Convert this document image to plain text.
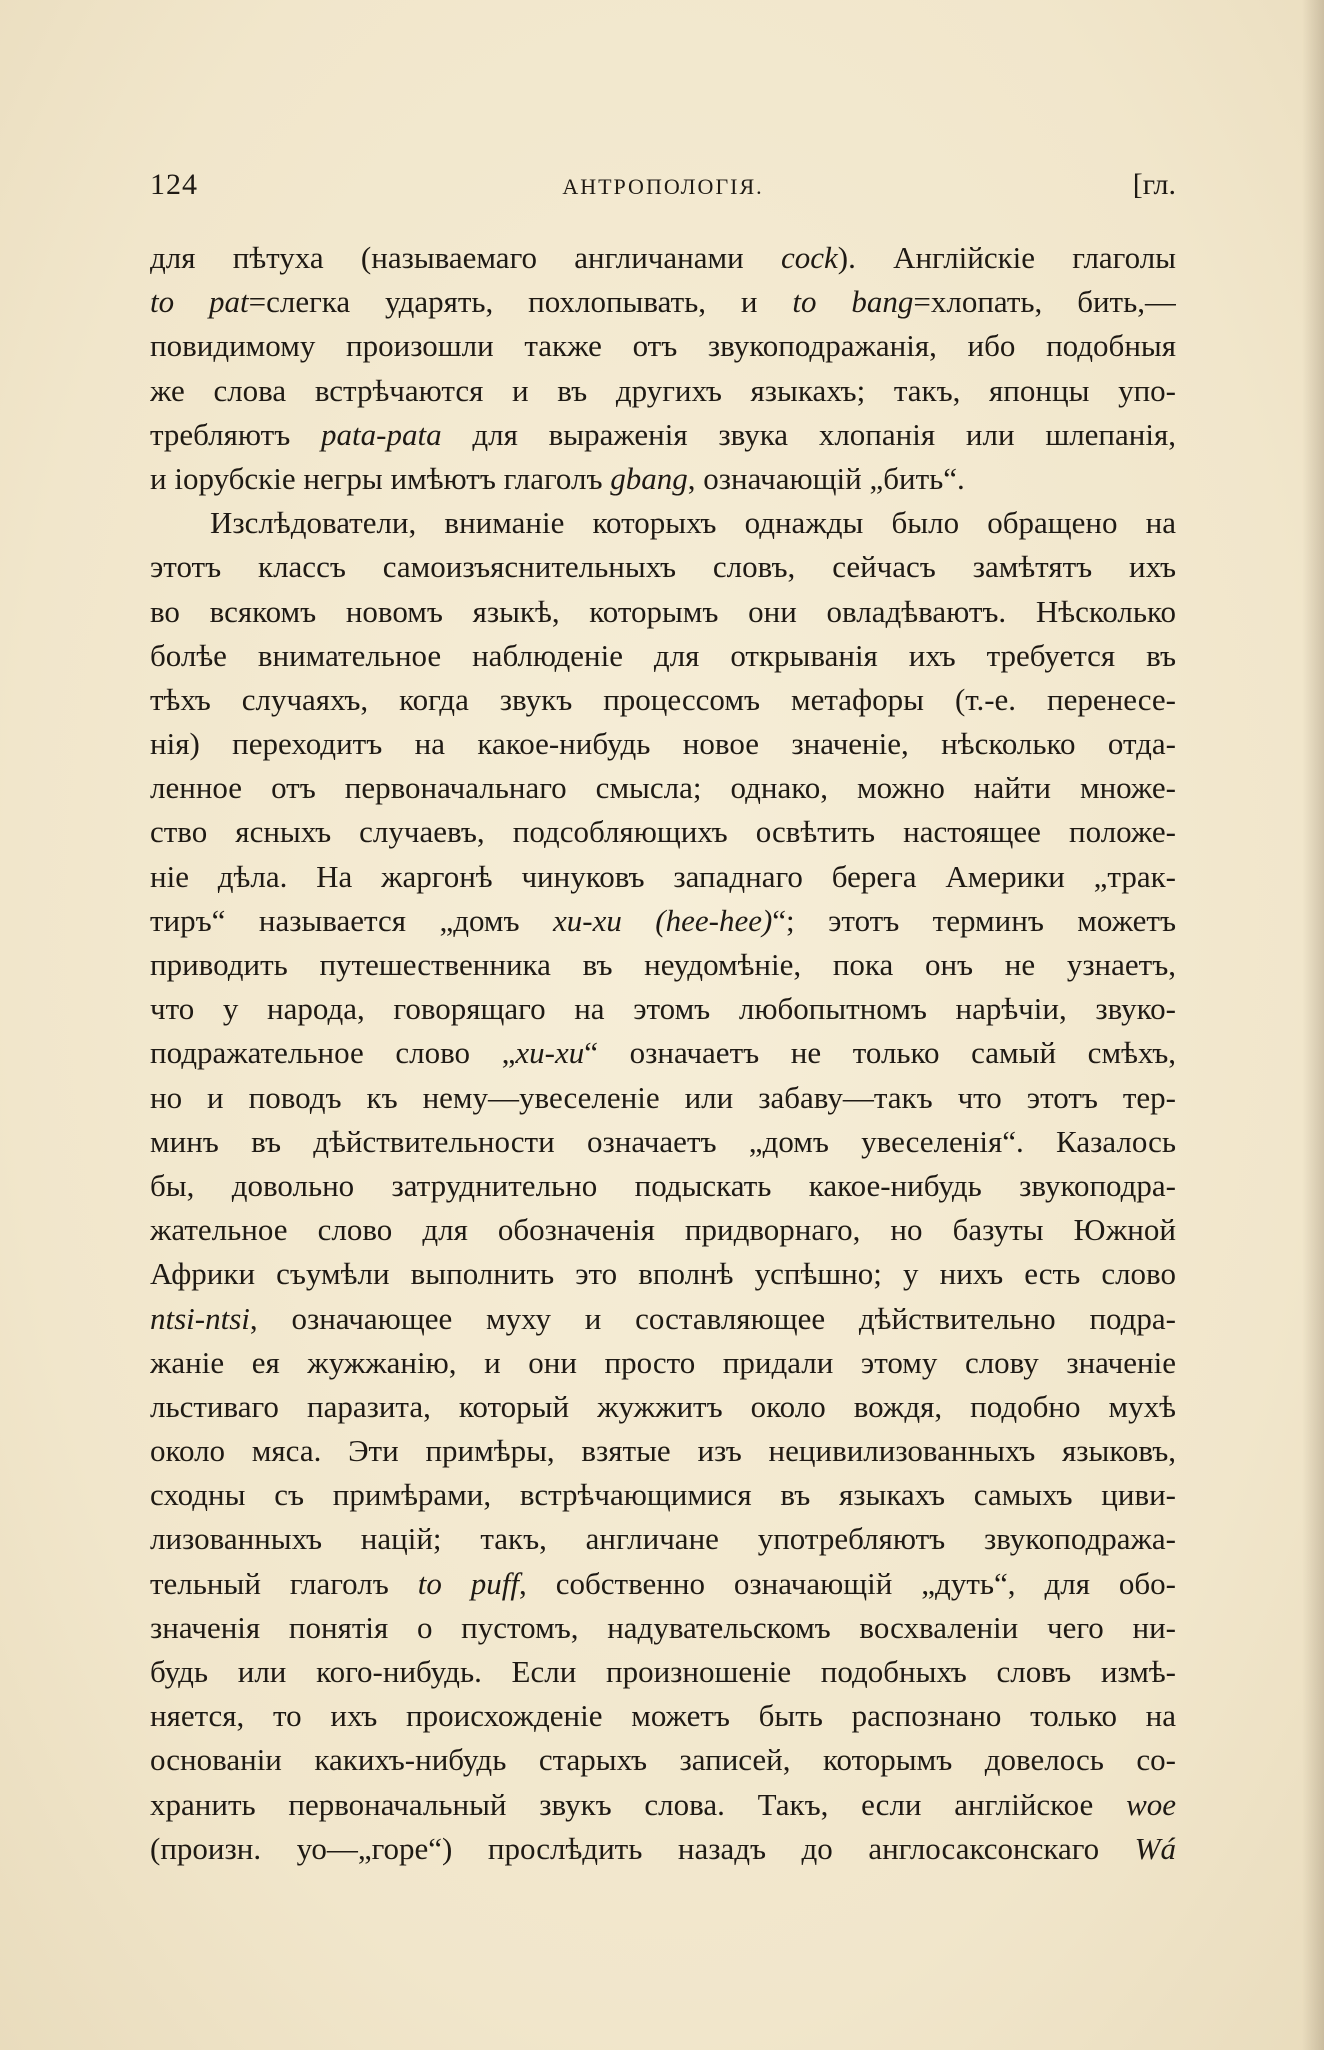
124	АНТРОПОЛОГІЯ.	[гл.
для пѣтуха (называемаго англичанами cock). Англійскіе глаголы
to pat=слегка ударять, похлопывать, и to bang=хлопать, бить,—
повидимому произошли также отъ звукоподражанія, ибо подобныя
же слова встрѣчаются и въ другихъ языкахъ; такъ, японцы упо-
требляютъ pata-pata для выраженія звука хлопанія или шлепанія,
и іорубскіе негры имѣютъ глаголъ gbang, означающій „бить“.
Изслѣдователи, вниманіе которыхъ однажды было обращено на
этотъ классъ самоизъяснительныхъ словъ, сейчасъ замѣтятъ ихъ
во всякомъ новомъ языкѣ, которымъ они овладѣваютъ. Нѣсколько
болѣе внимательное наблюденіе для открыванія ихъ требуется въ
тѣхъ случаяхъ, когда звукъ процессомъ метафоры (т.-е. перенесе-
нія) переходитъ на какое-нибудь новое значеніе, нѣсколько отда-
ленное отъ первоначальнаго смысла; однако, можно найти множе-
ство ясныхъ случаевъ, подсобляющихъ освѣтить настоящее положе-
ніе дѣла. На жаргонѣ чинуковъ западнаго берега Америки „трак-
тиръ“ называется „домъ хи-хи (hee-hee)“; этотъ терминъ можетъ
приводить путешественника въ неудомѣніе, пока онъ не узнаетъ,
что у народа, говорящаго на этомъ любопытномъ нарѣчіи, звуко-
подражательное слово „хи-хи“ означаетъ не только самый смѣхъ,
но и поводъ къ нему—увеселеніе или забаву—такъ что этотъ тер-
минъ въ дѣйствительности означаетъ „домъ увеселенія“. Казалось
бы, довольно затруднительно подыскать какое-нибудь звукоподра-
жательное слово для обозначенія придворнаго, но базуты Южной
Африки съумѣли выполнить это вполнѣ успѣшно; у нихъ есть слово
ntsi-ntsi, означающее муху и составляющее дѣйствительно подра-
жаніе ея жужжанію, и они просто придали этому слову значеніе
льстиваго паразита, который жужжитъ около вождя, подобно мухѣ
около мяса. Эти примѣры, взятые изъ нецивилизованныхъ языковъ,
сходны съ примѣрами, встрѣчающимися въ языкахъ самыхъ циви-
лизованныхъ націй; такъ, англичане употребляютъ звукоподража-
тельный глаголъ to puff, собственно означающій „дуть“, для обо-
значенія понятія о пустомъ, надувательскомъ восхваленіи чего ни-
будь или кого-нибудь. Если произношеніе подобныхъ словъ измѣ-
няется, то ихъ происхожденіе можетъ быть распознано только на
основаніи какихъ-нибудь старыхъ записей, которымъ довелось со-
хранить первоначальный звукъ слова. Такъ, если англійское woe
(произн. уо—„горе“) прослѣдить назадъ до англосаксонскаго Wá
